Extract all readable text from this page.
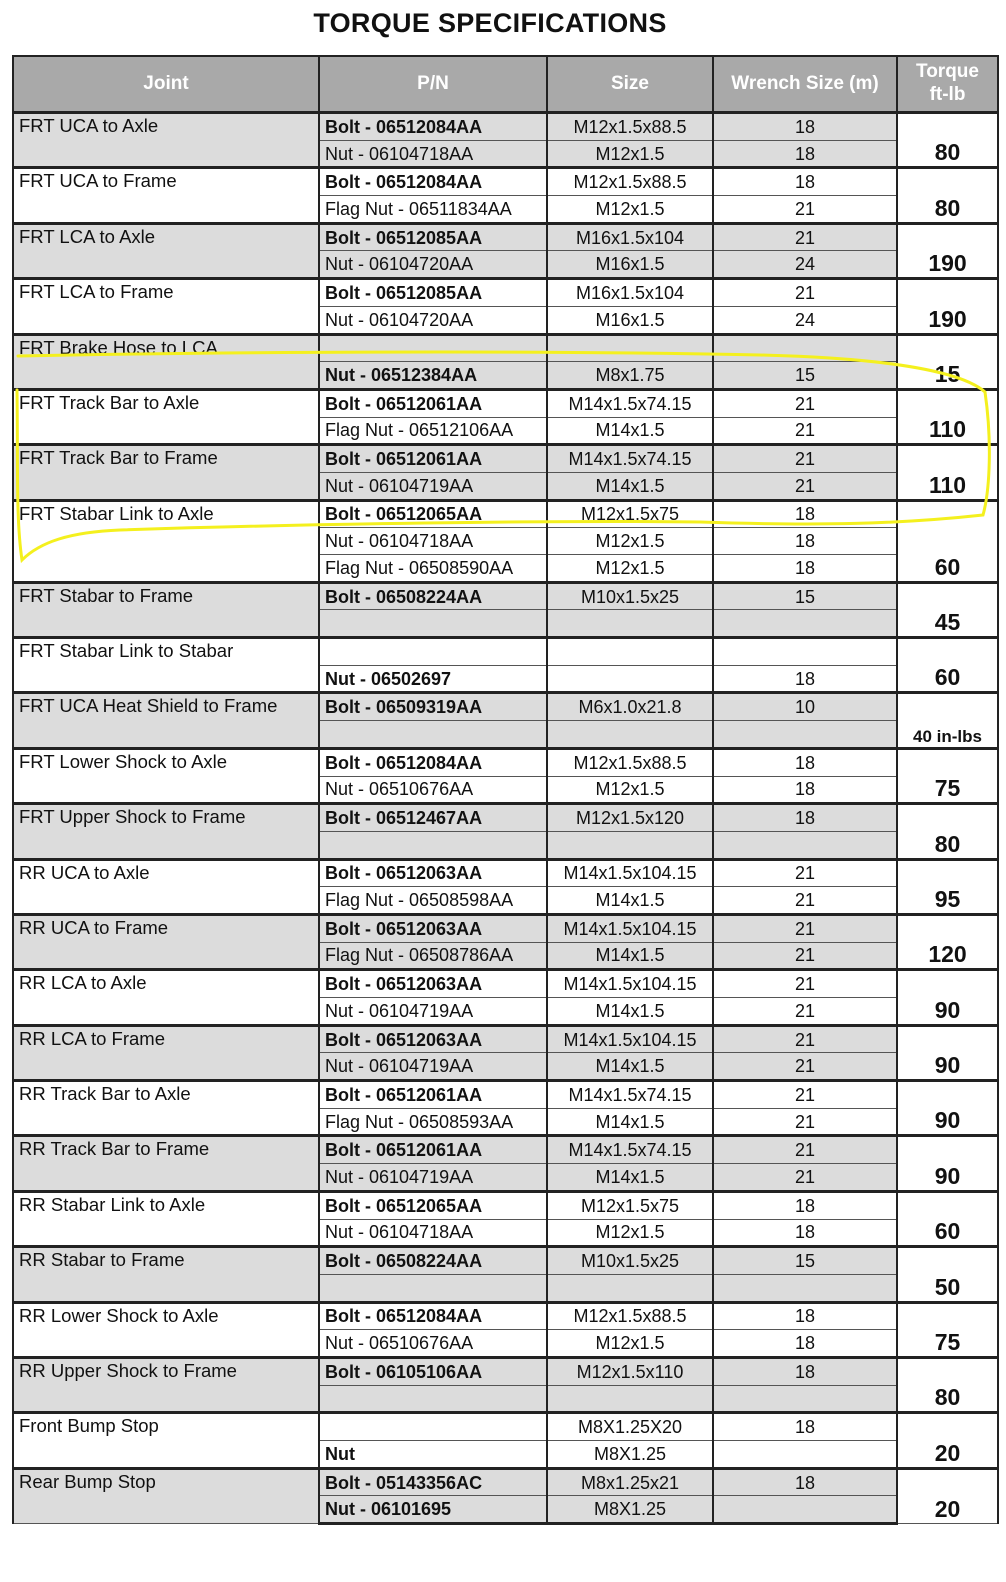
TORQUE SPECIFICATIONS
Joint	P/N	Size	Wrench Size (m)	Torque
ft-lb

FRT UCA to Axle	Bolt - 06512084AA	M12x1.5x88.5	18	80
	Nut - 06104718AA	M12x1.5	18	
FRT UCA to Frame	Bolt - 06512084AA	M12x1.5x88.5	18	80
	Flag Nut - 06511834AA	M12x1.5	21	
FRT LCA to Axle	Bolt - 06512085AA	M16x1.5x104	21	190
	Nut - 06104720AA	M16x1.5	24	
FRT LCA to Frame	Bolt - 06512085AA	M16x1.5x104	21	190
	Nut - 06104720AA	M16x1.5	24	
FRT Brake Hose to LCA				15
	Nut - 06512384AA	M8x1.75	15	
FRT Track Bar to Axle	Bolt - 06512061AA	M14x1.5x74.15	21	110
	Flag Nut - 06512106AA	M14x1.5	21	
FRT Track Bar to Frame	Bolt - 06512061AA	M14x1.5x74.15	21	110
	Nut - 06104719AA	M14x1.5	21	
FRT Stabar Link to Axle	Bolt - 06512065AA	M12x1.5x75	18	60
	Nut - 06104718AA	M12x1.5	18	
	Flag Nut - 06508590AA	M12x1.5	18	
FRT Stabar to Frame	Bolt - 06508224AA	M10x1.5x25	15	45

FRT Stabar Link to Stabar				60
	Nut - 06502697		18	
FRT UCA Heat Shield to Frame	Bolt - 06509319AA	M6x1.0x21.8	10	40 in-lbs

FRT Lower Shock to Axle	Bolt - 06512084AA	M12x1.5x88.5	18	75
	Nut - 06510676AA	M12x1.5	18	
FRT Upper Shock to Frame	Bolt - 06512467AA	M12x1.5x120	18	80

RR UCA to Axle	Bolt - 06512063AA	M14x1.5x104.15	21	95
	Flag Nut - 06508598AA	M14x1.5	21	
RR UCA to Frame	Bolt - 06512063AA	M14x1.5x104.15	21	120
	Flag Nut - 06508786AA	M14x1.5	21	
RR LCA to Axle	Bolt - 06512063AA	M14x1.5x104.15	21	90
	Nut - 06104719AA	M14x1.5	21	
RR LCA to Frame	Bolt - 06512063AA	M14x1.5x104.15	21	90
	Nut - 06104719AA	M14x1.5	21	
RR Track Bar to Axle	Bolt - 06512061AA	M14x1.5x74.15	21	90
	Flag Nut - 06508593AA	M14x1.5	21	
RR Track Bar to Frame	Bolt - 06512061AA	M14x1.5x74.15	21	90
	Nut - 06104719AA	M14x1.5	21	
RR Stabar Link to Axle	Bolt - 06512065AA	M12x1.5x75	18	60
	Nut - 06104718AA	M12x1.5	18	
RR Stabar to Frame	Bolt - 06508224AA	M10x1.5x25	15	50

RR Lower Shock to Axle	Bolt - 06512084AA	M12x1.5x88.5	18	75
	Nut - 06510676AA	M12x1.5	18	
RR Upper Shock to Frame	Bolt - 06105106AA	M12x1.5x110	18	80

Front Bump Stop		M8X1.25X20	18	20
	Nut	M8X1.25		
Rear Bump Stop	Bolt - 05143356AC	M8x1.25x21	18	20
	Nut - 06101695	M8X1.25		
